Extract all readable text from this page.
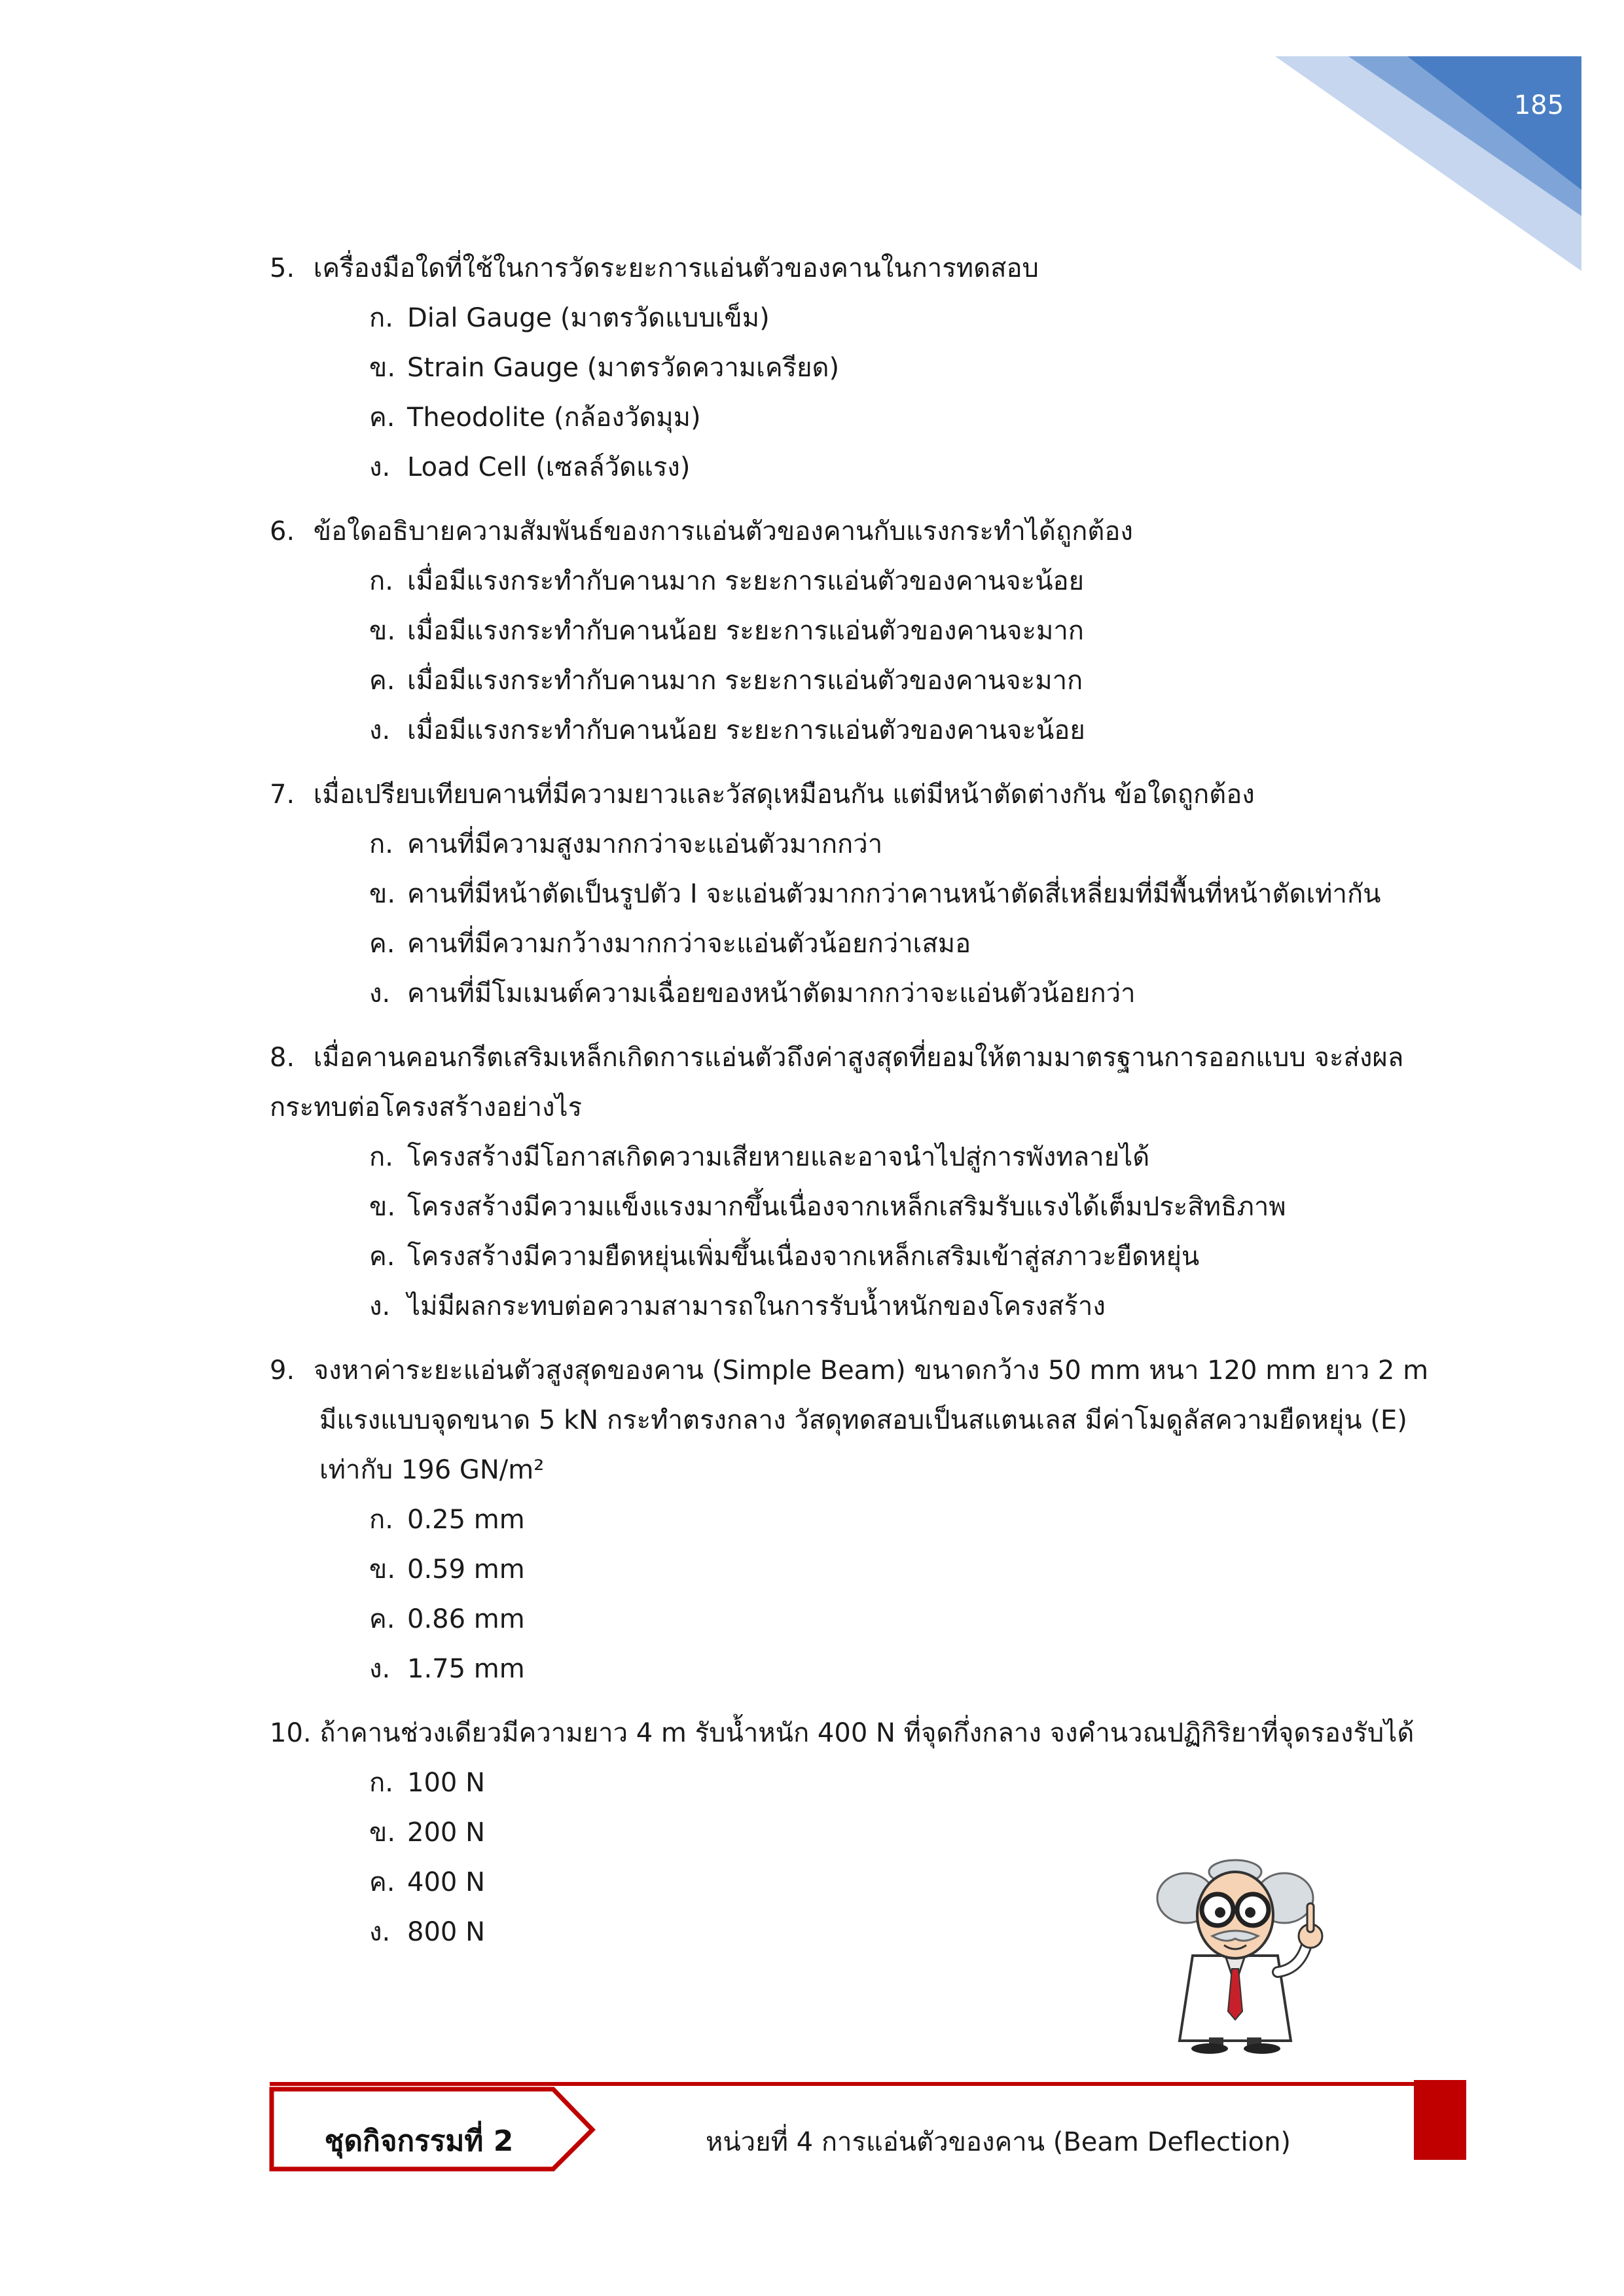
185
5. เครื่องมือใดที่ใช้ในการวัดระยะการแอ่นตัวของคานในการทดสอบ
ก. Dial Gauge (มาตรวัดแบบเข็ม)
ข. Strain Gauge (มาตรวัดความเครียด)
ค. Theodolite (กล้องวัดมุม)
ง. Load Cell (เซลล์วัดแรง)
6. ข้อใดอธิบายความสัมพันธ์ของการแอ่นตัวของคานกับแรงกระทำได้ถูกต้อง
ก. เมื่อมีแรงกระทำกับคานมาก ระยะการแอ่นตัวของคานจะน้อย
ข. เมื่อมีแรงกระทำกับคานน้อย ระยะการแอ่นตัวของคานจะมาก
ค. เมื่อมีแรงกระทำกับคานมาก ระยะการแอ่นตัวของคานจะมาก
ง. เมื่อมีแรงกระทำกับคานน้อย ระยะการแอ่นตัวของคานจะน้อย
7. เมื่อเปรียบเทียบคานที่มีความยาวและวัสดุเหมือนกัน แต่มีหน้าตัดต่างกัน ข้อใดถูกต้อง
ก. คานที่มีความสูงมากกว่าจะแอ่นตัวมากกว่า
ข. คานที่มีหน้าตัดเป็นรูปตัว I จะแอ่นตัวมากกว่าคานหน้าตัดสี่เหลี่ยมที่มีพื้นที่หน้าตัดเท่ากัน
ค. คานที่มีความกว้างมากกว่าจะแอ่นตัวน้อยกว่าเสมอ
ง. คานที่มีโมเมนต์ความเฉื่อยของหน้าตัดมากกว่าจะแอ่นตัวน้อยกว่า
8. เมื่อคานคอนกรีตเสริมเหล็กเกิดการแอ่นตัวถึงค่าสูงสุดที่ยอมให้ตามมาตรฐานการออกแบบ จะส่งผล
กระทบต่อโครงสร้างอย่างไร
ก. โครงสร้างมีโอกาสเกิดความเสียหายและอาจนำไปสู่การพังทลายได้
ข. โครงสร้างมีความแข็งแรงมากขึ้นเนื่องจากเหล็กเสริมรับแรงได้เต็มประสิทธิภาพ
ค. โครงสร้างมีความยืดหยุ่นเพิ่มขึ้นเนื่องจากเหล็กเสริมเข้าสู่สภาวะยืดหยุ่น
ง. ไม่มีผลกระทบต่อความสามารถในการรับน้ำหนักของโครงสร้าง
9. จงหาค่าระยะแอ่นตัวสูงสุดของคาน (Simple Beam) ขนาดกว้าง 50 mm หนา 120 mm ยาว 2 m
มีแรงแบบจุดขนาด 5 kN กระทำตรงกลาง วัสดุทดสอบเป็นสแตนเลส มีค่าโมดูลัสความยืดหยุ่น (E)
เท่ากับ 196 GN/m²
ก. 0.25 mm
ข. 0.59 mm
ค. 0.86 mm
ง. 1.75 mm
10. ถ้าคานช่วงเดียวมีความยาว 4 m รับน้ำหนัก 400 N ที่จุดกึ่งกลาง จงคำนวณปฏิกิริยาที่จุดรองรับได้
ก. 100 N
ข. 200 N
ค. 400 N
ง. 800 N
ชุดกิจกรรมที่ 2	หน่วยที่ 4 การแอ่นตัวของคาน (Beam Deflection)
